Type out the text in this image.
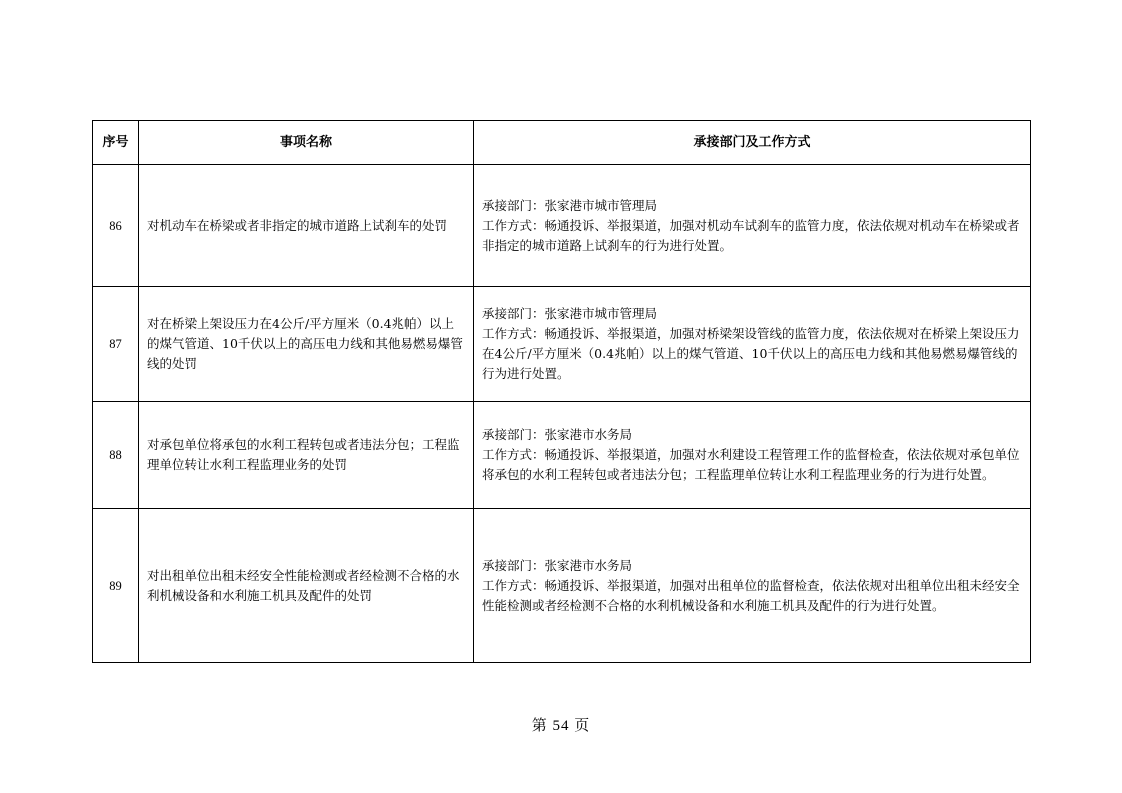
序号	事项名称	承接部门及工作方式
86	对机动车在桥梁或者非指定的城市道路上试刹车的处罚	承接部门：张家港市城市管理局
工作方式：畅通投诉、举报渠道，加强对机动车试刹车的监管力度，依法依规对机动车在桥梁或者非指定的城市道路上试刹车的行为进行处置。

87	对在桥梁上架设压力在4公斤/平方厘米（0.4兆帕）以上的煤气管道、10千伏以上的高压电力线和其他易燃易爆管线的处罚	承接部门：张家港市城市管理局
工作方式：畅通投诉、举报渠道，加强对桥梁架设管线的监管力度，依法依规对在桥梁上架设压力在4公斤/平方厘米（0.4兆帕）以上的煤气管道、10千伏以上的高压电力线和其他易燃易爆管线的行为进行处置。

88	对承包单位将承包的水利工程转包或者违法分包；工程监理单位转让水利工程监理业务的处罚	承接部门：张家港市水务局
工作方式：畅通投诉、举报渠道，加强对水利建设工程管理工作的监督检查，依法依规对承包单位将承包的水利工程转包或者违法分包；工程监理单位转让水利工程监理业务的行为进行处置。

89	对出租单位出租未经安全性能检测或者经检测不合格的水利机械设备和水利施工机具及配件的处罚	承接部门：张家港市水务局
工作方式：畅通投诉、举报渠道，加强对出租单位的监督检查，依法依规对出租单位出租未经安全性能检测或者经检测不合格的水利机械设备和水利施工机具及配件的行为进行处置。
第 54 页
